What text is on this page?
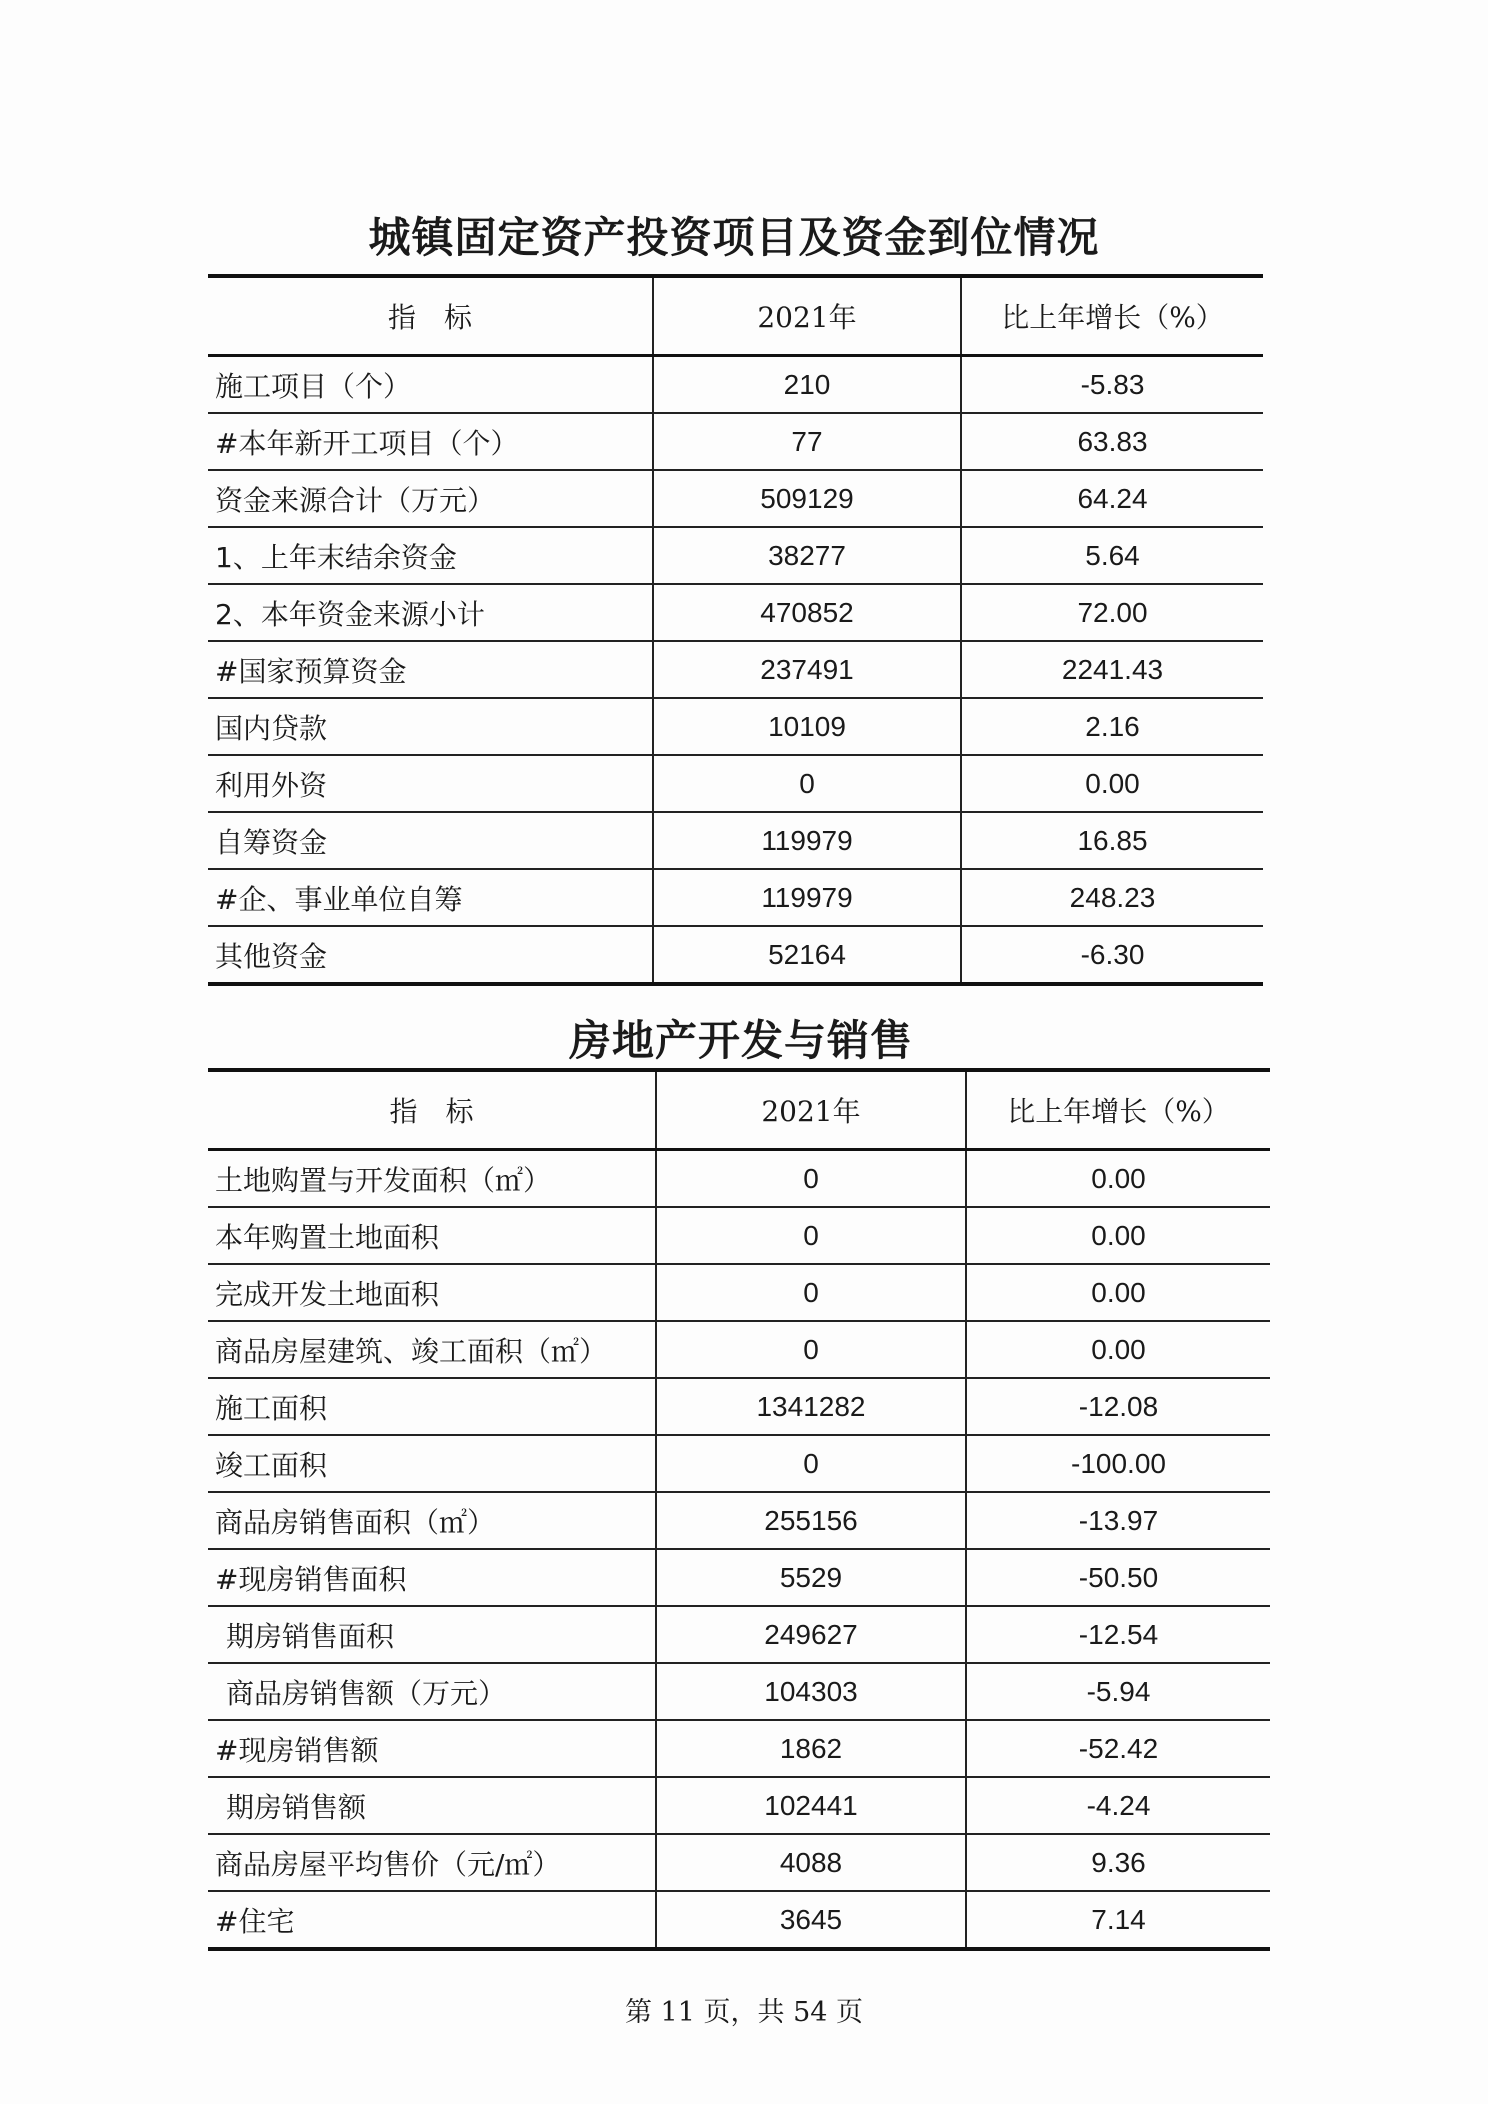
城镇固定资产投资项目及资金到位情况
指　标	2021年	比上年增长（%）
施工项目（个）	210	-5.83
#本年新开工项目（个）	77	63.83
资金来源合计（万元）	509129	64.24
1、上年末结余资金	38277	5.64
2、本年资金来源小计	470852	72.00
#国家预算资金	237491	2241.43
国内贷款	10109	2.16
利用外资	0	0.00
自筹资金	119979	16.85
#企、事业单位自筹	119979	248.23
其他资金	52164	-6.30
房地产开发与销售
指　标	2021年	比上年增长（%）
土地购置与开发面积（㎡）	0	0.00
本年购置土地面积	0	0.00
完成开发土地面积	0	0.00
商品房屋建筑、竣工面积（㎡）	0	0.00
施工面积	1341282	-12.08
竣工面积	0	-100.00
商品房销售面积（㎡）	255156	-13.97
#现房销售面积	5529	-50.50
期房销售面积	249627	-12.54
商品房销售额（万元）	104303	-5.94
#现房销售额	1862	-52.42
期房销售额	102441	-4.24
商品房屋平均售价（元/㎡）	4088	9.36
#住宅	3645	7.14
第 11 页，共 54 页
